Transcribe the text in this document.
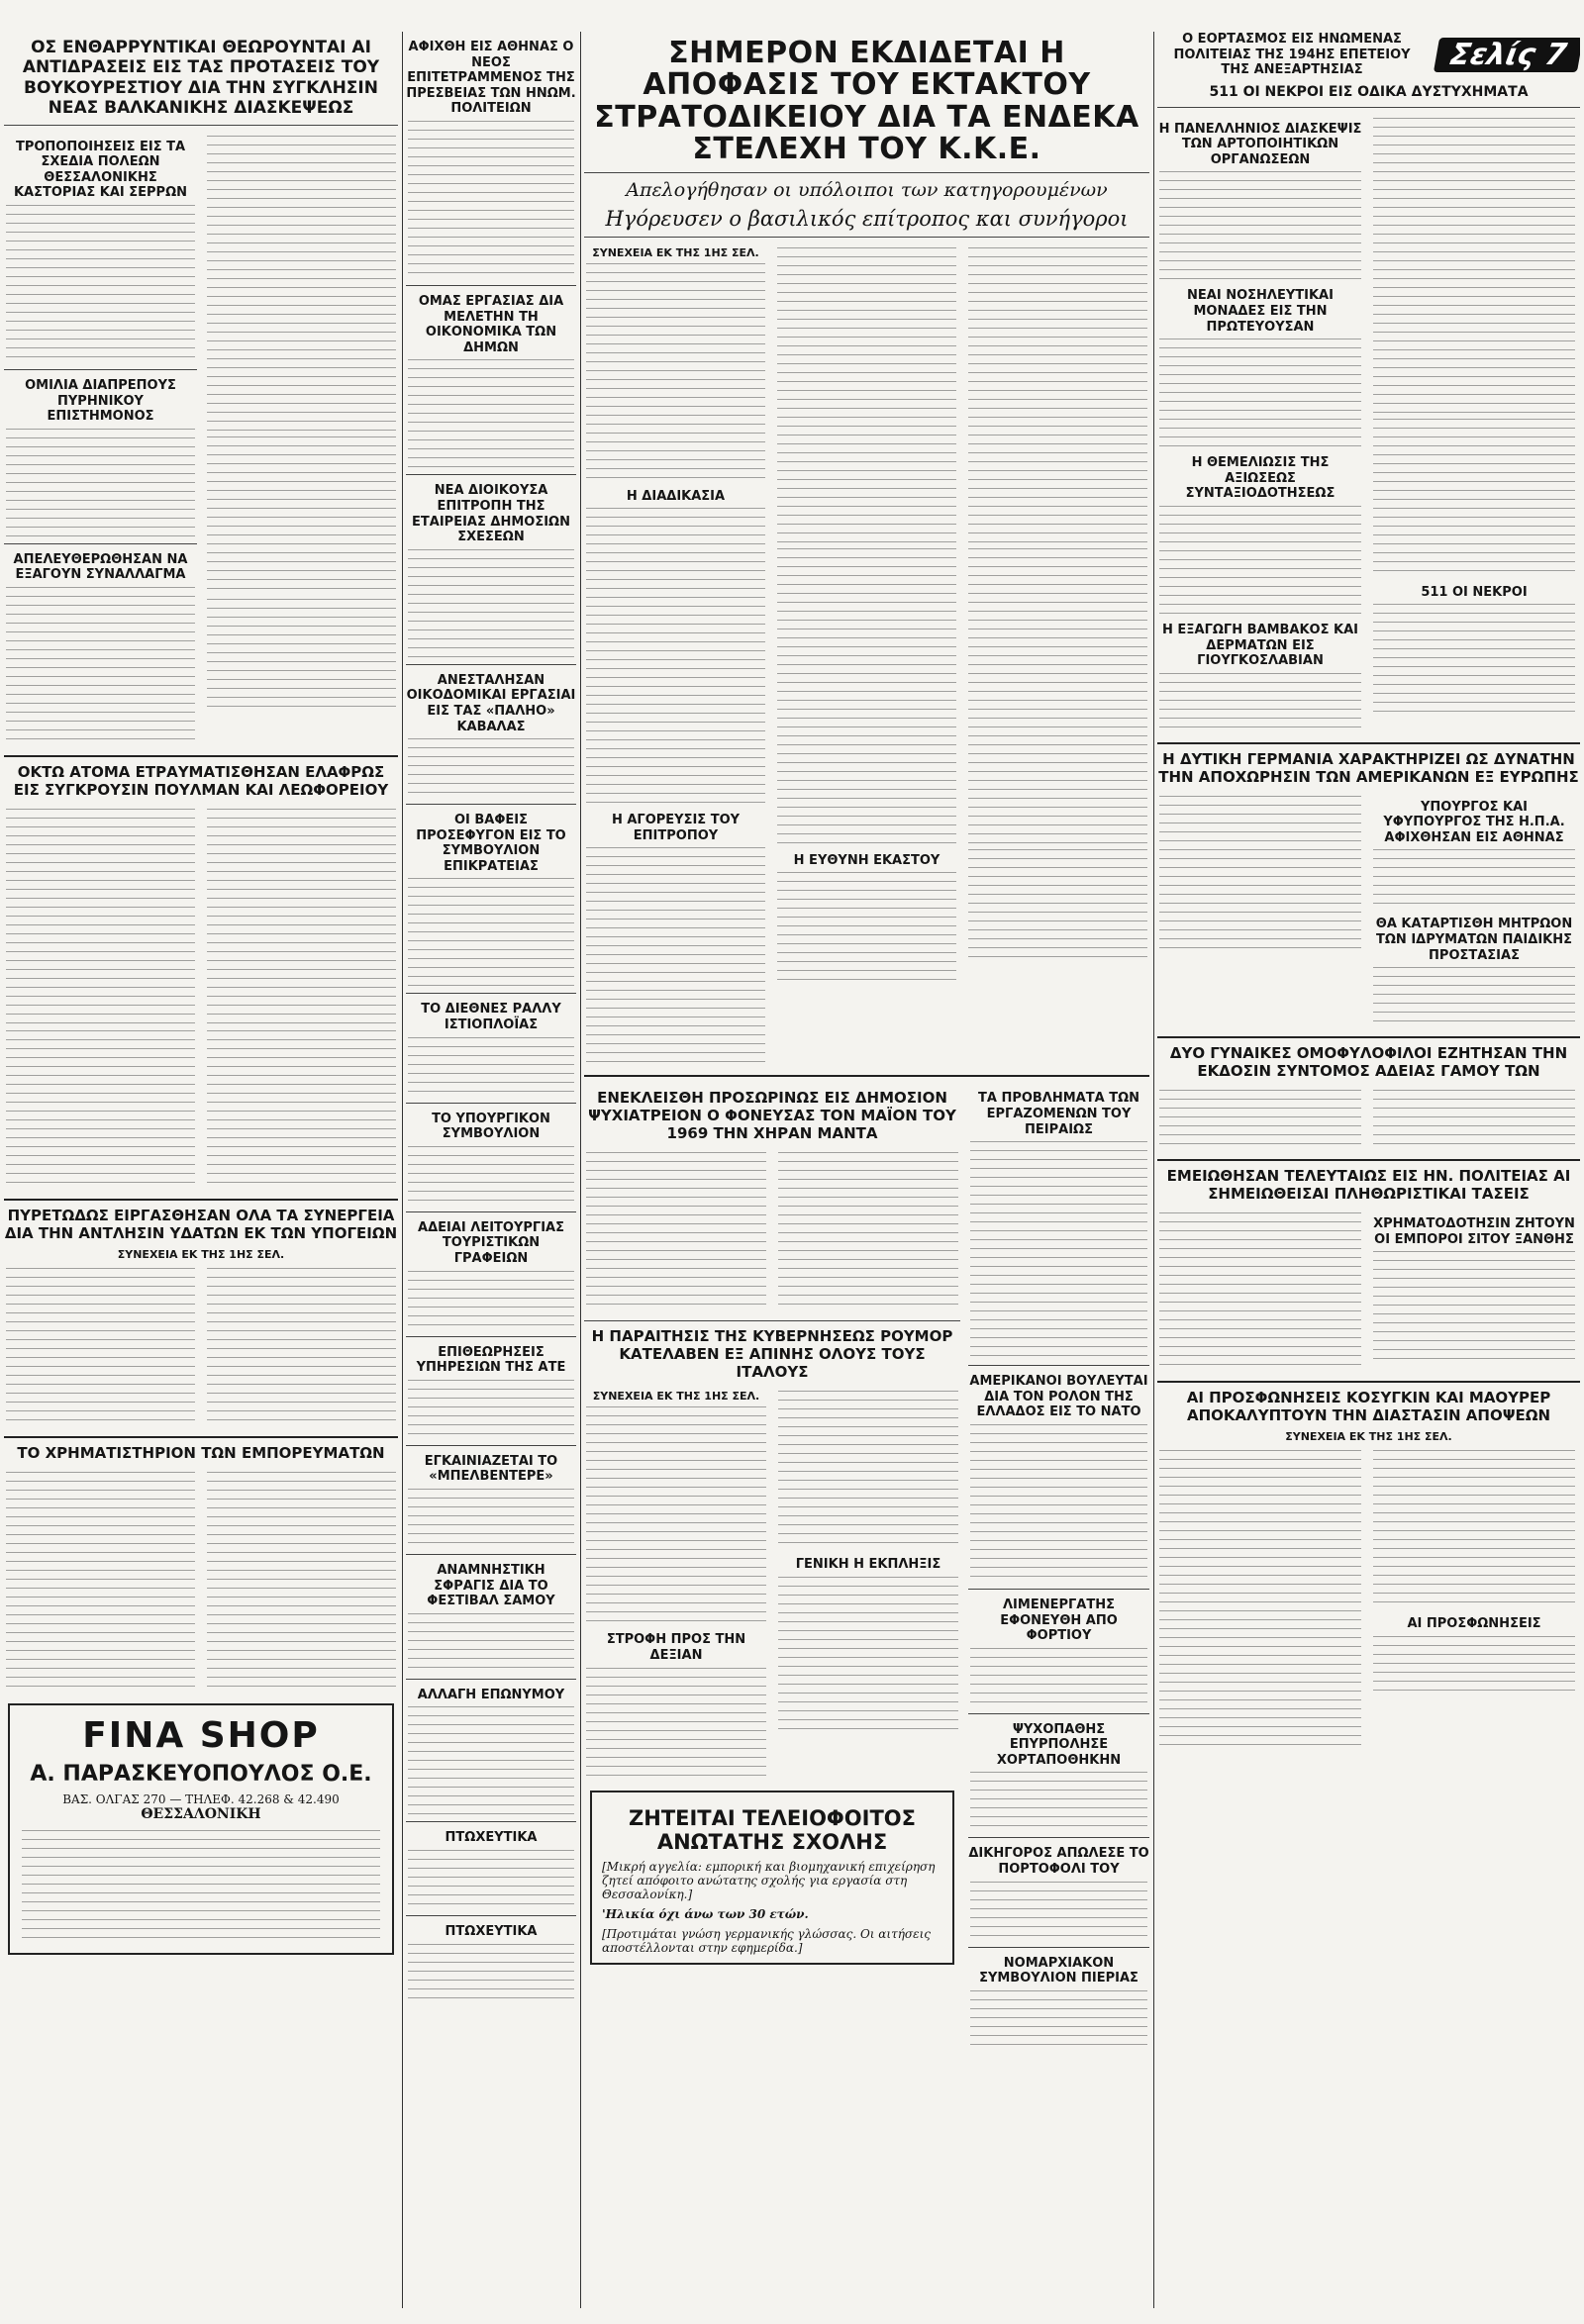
ΟΣ ΕΝΘΑΡΡΥΝΤΙΚΑΙ ΘΕΩΡΟΥΝΤΑΙ ΑΙ ΑΝΤΙΔΡΑΣΕΙΣ ΕΙΣ ΤΑΣ ΠΡΟΤΑΣΕΙΣ ΤΟΥ ΒΟΥΚΟΥΡΕΣΤΙΟΥ ΔΙΑ ΤΗΝ ΣΥΓΚΛΗΣΙΝ ΝΕΑΣ ΒΑΛΚΑΝΙΚΗΣ ΔΙΑΣΚΕΨΕΩΣ
ΤΡΟΠΟΠΟΙΗΣΕΙΣ ΕΙΣ ΤΑ ΣΧΕΔΙΑ ΠΟΛΕΩΝ ΘΕΣΣΑΛΟΝΙΚΗΣ ΚΑΣΤΟΡΙΑΣ ΚΑΙ ΣΕΡΡΩΝ
ΟΜΙΛΙΑ ΔΙΑΠΡΕΠΟΥΣ ΠΥΡΗΝΙΚΟΥ ΕΠΙΣΤΗΜΟΝΟΣ
ΑΠΕΛΕΥΘΕΡΩΘΗΣΑΝ ΝΑ ΕΞΑΓΟΥΝ ΣΥΝΑΛΛΑΓΜΑ
ΟΚΤΩ ΑΤΟΜΑ ΕΤΡΑΥΜΑΤΙΣΘΗΣΑΝ ΕΛΑΦΡΩΣ ΕΙΣ ΣΥΓΚΡΟΥΣΙΝ ΠΟΥΛΜΑΝ ΚΑΙ ΛΕΩΦΟΡΕΙΟΥ
ΠΥΡΕΤΩΔΩΣ ΕΙΡΓΑΣΘΗΣΑΝ ΟΛΑ ΤΑ ΣΥΝΕΡΓΕΙΑ ΔΙΑ ΤΗΝ ΑΝΤΛΗΣΙΝ ΥΔΑΤΩΝ ΕΚ ΤΩΝ ΥΠΟΓΕΙΩΝ
ΣΥΝΕΧΕΙΑ ΕΚ ΤΗΣ 1ΗΣ ΣΕΛ.
ΤΟ ΧΡΗΜΑΤΙΣΤΗΡΙΟΝ ΤΩΝ ΕΜΠΟΡΕΥΜΑΤΩΝ
FINA SHOP
Α. ΠΑΡΑΣΚΕΥΟΠΟΥΛΟΣ Ο.Ε.
ΒΑΣ. ΟΛΓΑΣ 270 — ΤΗΛΕΦ. 42.268 & 42.490
ΘΕΣΣΑΛΟΝΙΚΗ
ΑΦΙΧΘΗ ΕΙΣ ΑΘΗΝΑΣ Ο ΝΕΟΣ ΕΠΙΤΕΤΡΑΜΜΕΝΟΣ ΤΗΣ ΠΡΕΣΒΕΙΑΣ ΤΩΝ ΗΝΩΜ. ΠΟΛΙΤΕΙΩΝ
ΟΜΑΣ ΕΡΓΑΣΙΑΣ ΔΙΑ ΜΕΛΕΤΗΝ ΤΗ ΟΙΚΟΝΟΜΙΚΑ ΤΩΝ ΔΗΜΩΝ
ΝΕΑ ΔΙΟΙΚΟΥΣΑ ΕΠΙΤΡΟΠΗ ΤΗΣ ΕΤΑΙΡΕΙΑΣ ΔΗΜΟΣΙΩΝ ΣΧΕΣΕΩΝ
ΑΝΕΣΤΑΛΗΣΑΝ ΟΙΚΟΔΟΜΙΚΑΙ ΕΡΓΑΣΙΑΙ ΕΙΣ ΤΑΣ «ΠΑΛΗΟ» ΚΑΒΑΛΑΣ
ΟΙ ΒΑΦΕΙΣ ΠΡΟΣΕΦΥΓΟΝ ΕΙΣ ΤΟ ΣΥΜΒΟΥΛΙΟΝ ΕΠΙΚΡΑΤΕΙΑΣ
ΤΟ ΔΙΕΘΝΕΣ ΡΑΛΛΥ ΙΣΤΙΟΠΛΟΪΑΣ
ΤΟ ΥΠΟΥΡΓΙΚΟΝ ΣΥΜΒΟΥΛΙΟΝ
ΑΔΕΙΑΙ ΛΕΙΤΟΥΡΓΙΑΣ ΤΟΥΡΙΣΤΙΚΩΝ ΓΡΑΦΕΙΩΝ
ΕΠΙΘΕΩΡΗΣΕΙΣ ΥΠΗΡΕΣΙΩΝ ΤΗΣ ΑΤΕ
ΕΓΚΑΙΝΙΑΖΕΤΑΙ ΤΟ «ΜΠΕΛΒΕΝΤΕΡΕ»
ΑΝΑΜΝΗΣΤΙΚΗ ΣΦΡΑΓΙΣ ΔΙΑ ΤΟ ΦΕΣΤΙΒΑΛ ΣΑΜΟΥ
ΑΛΛΑΓΗ ΕΠΩΝΥΜΟΥ
ΠΤΩΧΕΥΤΙΚΑ
ΠΤΩΧΕΥΤΙΚΑ
ΣΗΜΕΡΟΝ ΕΚΔΙΔΕΤΑΙ Η ΑΠΟΦΑΣΙΣ ΤΟΥ ΕΚΤΑΚΤΟΥ ΣΤΡΑΤΟΔΙΚΕΙΟΥ ΔΙΑ ΤΑ ΕΝΔΕΚΑ ΣΤΕΛΕΧΗ ΤΟΥ Κ.Κ.Ε.
Απελογήθησαν οι υπόλοιποι των κατηγορουμένων
Ηγόρευσεν ο βασιλικός επίτροπος και συνήγοροι
ΣΥΝΕΧΕΙΑ ΕΚ ΤΗΣ 1ΗΣ ΣΕΛ.
Η ΔΙΑΔΙΚΑΣΙΑ
Η ΑΓΟΡΕΥΣΙΣ ΤΟΥ ΕΠΙΤΡΟΠΟΥ
Η ΕΥΘΥΝΗ ΕΚΑΣΤΟΥ
ΕΝΕΚΛΕΙΣΘΗ ΠΡΟΣΩΡΙΝΩΣ ΕΙΣ ΔΗΜΟΣΙΟΝ ΨΥΧΙΑΤΡΕΙΟΝ Ο ΦΟΝΕΥΣΑΣ ΤΟΝ ΜΑΪΟΝ ΤΟΥ 1969 ΤΗΝ ΧΗΡΑΝ ΜΑΝΤΑ
Η ΠΑΡΑΙΤΗΣΙΣ ΤΗΣ ΚΥΒΕΡΝΗΣΕΩΣ ΡΟΥΜΟΡ ΚΑΤΕΛΑΒΕΝ ΕΞ ΑΠΙΝΗΣ ΟΛΟΥΣ ΤΟΥΣ ΙΤΑΛΟΥΣ
ΣΥΝΕΧΕΙΑ ΕΚ ΤΗΣ 1ΗΣ ΣΕΛ.
ΣΤΡΟΦΗ ΠΡΟΣ ΤΗΝ ΔΕΞΙΑΝ
ΓΕΝΙΚΗ Η ΕΚΠΛΗΞΙΣ
ΖΗΤΕΙΤΑΙ ΤΕΛΕΙΟΦΟΙΤΟΣ ΑΝΩΤΑΤΗΣ ΣΧΟΛΗΣ
[Μικρή αγγελία: εμπορική και βιομηχανική επιχείρηση ζητεί απόφοιτο ανώτατης σχολής για εργασία στη Θεσσαλονίκη.]
'Ηλικία όχι άνω των 30 ετών.
[Προτιμάται γνώση γερμανικής γλώσσας. Οι αιτήσεις αποστέλλονται στην εφημερίδα.]
ΤΑ ΠΡΟΒΛΗΜΑΤΑ ΤΩΝ ΕΡΓΑΖΟΜΕΝΩΝ ΤΟΥ ΠΕΙΡΑΙΩΣ
ΑΜΕΡΙΚΑΝΟΙ ΒΟΥΛΕΥΤΑΙ ΔΙΑ ΤΟΝ ΡΟΛΟΝ ΤΗΣ ΕΛΛΑΔΟΣ ΕΙΣ ΤΟ ΝΑΤΟ
ΛΙΜΕΝΕΡΓΑΤΗΣ ΕΦΟΝΕΥΘΗ ΑΠΟ ΦΟΡΤΙΟΥ
ΨΥΧΟΠΑΘΗΣ ΕΠΥΡΠΟΛΗΣΕ ΧΟΡΤΑΠΟΘΗΚΗΝ
ΔΙΚΗΓΟΡΟΣ ΑΠΩΛΕΣΕ ΤΟ ΠΟΡΤΟΦΟΛΙ ΤΟΥ
ΝΟΜΑΡΧΙΑΚΟΝ ΣΥΜΒΟΥΛΙΟΝ ΠΙΕΡΙΑΣ
Ο ΕΟΡΤΑΣΜΟΣ ΕΙΣ ΗΝΩΜΕΝΑΣ ΠΟΛΙΤΕΙΑΣ ΤΗΣ 194ΗΣ ΕΠΕΤΕΙΟΥ ΤΗΣ ΑΝΕΞΑΡΤΗΣΙΑΣ	Σελίς 7
511 ΟΙ ΝΕΚΡΟΙ ΕΙΣ ΟΔΙΚΑ ΔΥΣΤΥΧΗΜΑΤΑ
Η ΠΑΝΕΛΛΗΝΙΟΣ ΔΙΑΣΚΕΨΙΣ ΤΩΝ ΑΡΤΟΠΟΙΗΤΙΚΩΝ ΟΡΓΑΝΩΣΕΩΝ
ΝΕΑΙ ΝΟΣΗΛΕΥΤΙΚΑΙ ΜΟΝΑΔΕΣ ΕΙΣ ΤΗΝ ΠΡΩΤΕΥΟΥΣΑΝ
Η ΘΕΜΕΛΙΩΣΙΣ ΤΗΣ ΑΞΙΩΣΕΩΣ ΣΥΝΤΑΞΙΟΔΟΤΗΣΕΩΣ
Η ΕΞΑΓΩΓΗ ΒΑΜΒΑΚΟΣ ΚΑΙ ΔΕΡΜΑΤΩΝ ΕΙΣ ΓΙΟΥΓΚΟΣΛΑΒΙΑΝ
511 ΟΙ ΝΕΚΡΟΙ
Η ΔΥΤΙΚΗ ΓΕΡΜΑΝΙΑ ΧΑΡΑΚΤΗΡΙΖΕΙ ΩΣ ΔΥΝΑΤΗΝ ΤΗΝ ΑΠΟΧΩΡΗΣΙΝ ΤΩΝ ΑΜΕΡΙΚΑΝΩΝ ΕΞ ΕΥΡΩΠΗΣ
ΥΠΟΥΡΓΟΣ ΚΑΙ ΥΦΥΠΟΥΡΓΟΣ ΤΗΣ Η.Π.Α. ΑΦΙΧΘΗΣΑΝ ΕΙΣ ΑΘΗΝΑΣ
ΘΑ ΚΑΤΑΡΤΙΣΘΗ ΜΗΤΡΩΟΝ ΤΩΝ ΙΔΡΥΜΑΤΩΝ ΠΑΙΔΙΚΗΣ ΠΡΟΣΤΑΣΙΑΣ
ΔΥΟ ΓΥΝΑΙΚΕΣ ΟΜΟΦΥΛΟΦΙΛΟΙ ΕΖΗΤΗΣΑΝ ΤΗΝ ΕΚΔΟΣΙΝ ΣΥΝΤΟΜΟΣ ΑΔΕΙΑΣ ΓΑΜΟΥ ΤΩΝ
ΕΜΕΙΩΘΗΣΑΝ ΤΕΛΕΥΤΑΙΩΣ ΕΙΣ ΗΝ. ΠΟΛΙΤΕΙΑΣ ΑΙ ΣΗΜΕΙΩΘΕΙΣΑΙ ΠΛΗΘΩΡΙΣΤΙΚΑΙ ΤΑΣΕΙΣ
ΧΡΗΜΑΤΟΔΟΤΗΣΙΝ ΖΗΤΟΥΝ ΟΙ ΕΜΠΟΡΟΙ ΣΙΤΟΥ ΞΑΝΘΗΣ
ΑΙ ΠΡΟΣΦΩΝΗΣΕΙΣ ΚΟΣΥΓΚΙΝ ΚΑΙ ΜΑΟΥΡΕΡ ΑΠΟΚΑΛΥΠΤΟΥΝ ΤΗΝ ΔΙΑΣΤΑΣΙΝ ΑΠΟΨΕΩΝ
ΣΥΝΕΧΕΙΑ ΕΚ ΤΗΣ 1ΗΣ ΣΕΛ.
ΑΙ ΠΡΟΣΦΩΝΗΣΕΙΣ
